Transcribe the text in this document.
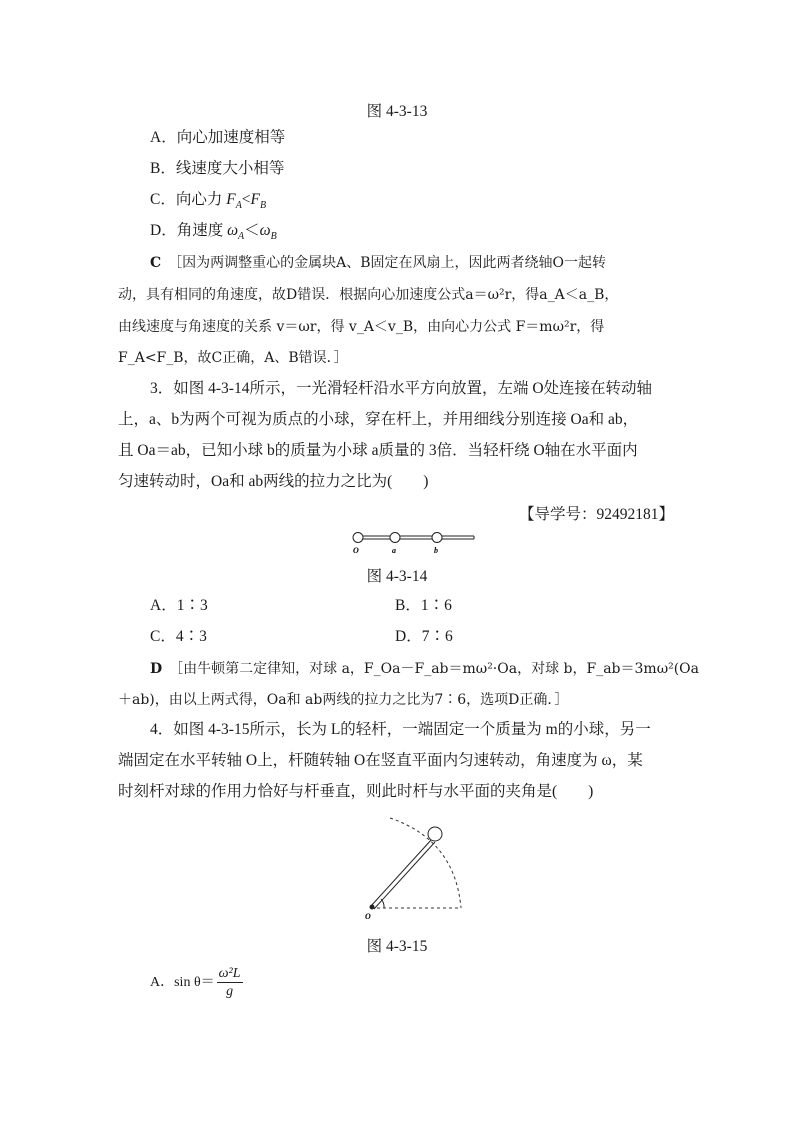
图 4-3-13
A．向心加速度相等
B．线速度大小相等
C．向心力 $F_A<F_B$
D．角速度 $\omega_A<\omega_B$
C　 ［因为两调整重心的金属块A、B固定在风扇上，因此两者绕轴O一起转
动，具有相同的角速度，故D错误．根据向心加速度公式a＝ω²r，得a_A＜a_B，
由线速度与角速度的关系 v＝ωr，得 v_A＜v_B，由向心力公式 F＝mω²r，得
F_A<F_B，故C正确，A、B错误．］
3．如图 4-3-14所示，一光滑轻杆沿水平方向放置，左端 O处连接在转动轴
上，a、b为两个可视为质点的小球，穿在杆上，并用细线分别连接 Oa和 ab，
且 Oa＝ab，已知小球 b的质量为小球 a质量的 3倍．当轻杆绕 O轴在水平面内
匀速转动时，Oa和 ab两线的拉力之比为(　　)
【导学号：92492181】
O	a	b
图 4-3-14
A．1∶3	B．1∶6
C．4∶3	D．7∶6
D　 ［由牛顿第二定律知，对球 a，F_Oa－F_ab＝mω²·Oa，对球 b，F_ab＝3mω²(Oa
＋ab)，由以上两式得，Oa和 ab两线的拉力之比为7∶6，选项D正确．］
4．如图 4-3-15所示，长为 L的轻杆，一端固定一个质量为 m的小球，另一
端固定在水平转轴 O上，杆随转轴 O在竖直平面内匀速转动，角速度为 ω，某
时刻杆对球的作用力恰好与杆垂直，则此时杆与水平面的夹角是(　　)
O
图 4-3-15
A．$\sin \theta= \frac{\text{ω²L}}{g}$
